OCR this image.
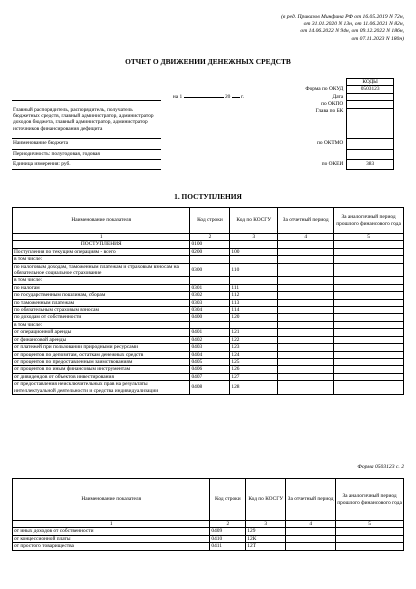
(в ред. Приказов Минфина РФ от 16.05.2019 N 72н,
от 31.01.2020 N 13н, от 11.06.2021 N 82н,
от 14.06.2022 N 94н, от 09.12.2022 N 186н,
от 07.11.2023 N 180н)
ОТЧЕТ О ДВИЖЕНИИ ДЕНЕЖНЫХ СРЕДСТВ
		КОДЫ
	Форма по ОКУД	0503123
на 1 20 г. Дата		

Главный распорядитель, распорядитель, получатель бюджетных средств, главный администратор, администратор доходов бюджета, главный администратор, администратор источников финансирования дефицита	по ОКПО	
	Глава по БК	
Наименование бюджета	по ОКТМО	
Периодичность: полугодовая, годовая		
Единица измерения: руб.	по ОКЕИ	383
1. ПОСТУПЛЕНИЯ
Наименование показателя	Код строки	Код по КОСГУ	За отчетный период	За аналогичный период прошлого финансового года
1	2	3	4	5
ПОСТУПЛЕНИЯ	0100			
Поступления по текущим операциям - всего	0200	100		
в том числе:				
по налоговым доходам, таможенным платежам и страховым взносам на обязательное социальное страхование	0300	110		
в том числе:				
по налогам	0301	111		
по государственным пошлинам, сборам	0302	112		
по таможенным платежам	0303	113		
по обязательным страховым взносам	0304	114		
по доходам от собственности	0400	120		
в том числе:				
от операционной аренды	0401	121		
от финансовой аренды	0402	122		
от платежей при пользовании природными ресурсами	0403	123		
от процентов по депозитам, остаткам денежных средств	0404	124		
от процентов по предоставленным заимствованиям	0405	125		
от процентов по иным финансовым инструментам	0406	126		
от дивидендов от объектов инвестирования	0407	127		
от предоставления неисключительных прав на результаты интеллектуальной деятельности и средства индивидуализации	0408	128		
Форма 0503123 с. 2
Наименование показателя	Код строки	Код по КОСГУ	За отчетный период	За аналогичный период прошлого финансового года
1	2	3	4	5
от иных доходов от собственности	0409	129		
от концессионной платы	0410	12К		
от простого товарищества	0411	12Т		
